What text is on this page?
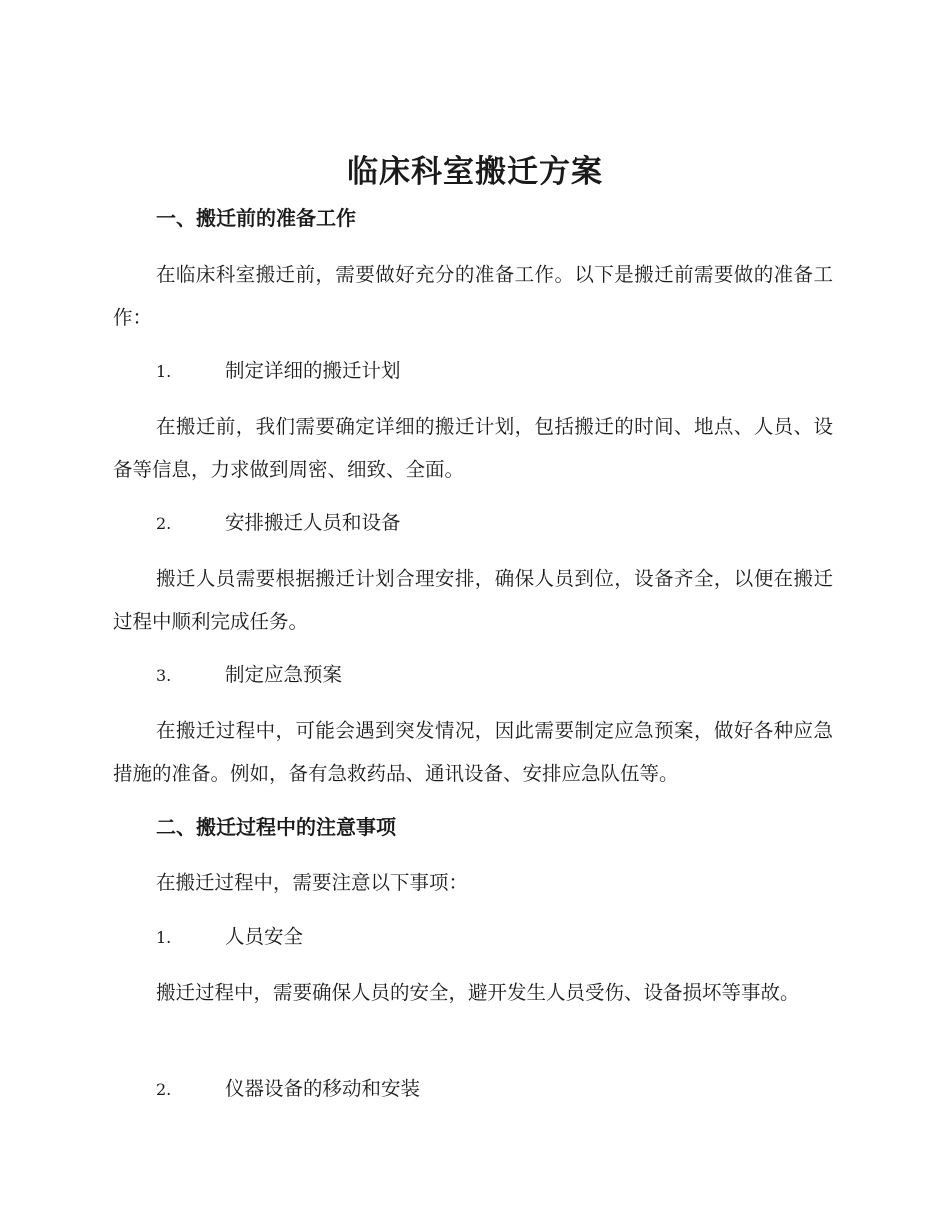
临床科室搬迁方案
一、搬迁前的准备工作

在临床科室搬迁前，需要做好充分的准备工作。以下是搬迁前需要做的准备工作：

1.	制定详细的搬迁计划

在搬迁前，我们需要确定详细的搬迁计划，包括搬迁的时间、地点、人员、设备等信息，力求做到周密、细致、全面。

2.	安排搬迁人员和设备

搬迁人员需要根据搬迁计划合理安排，确保人员到位，设备齐全，以便在搬迁过程中顺利完成任务。

3.	制定应急预案

在搬迁过程中，可能会遇到突发情况，因此需要制定应急预案，做好各种应急措施的准备。例如，备有急救药品、通讯设备、安排应急队伍等。

二、搬迁过程中的注意事项

在搬迁过程中，需要注意以下事项：

1.	人员安全

搬迁过程中，需要确保人员的安全，避开发生人员受伤、设备损坏等事故。

2.	仪器设备的移动和安装
